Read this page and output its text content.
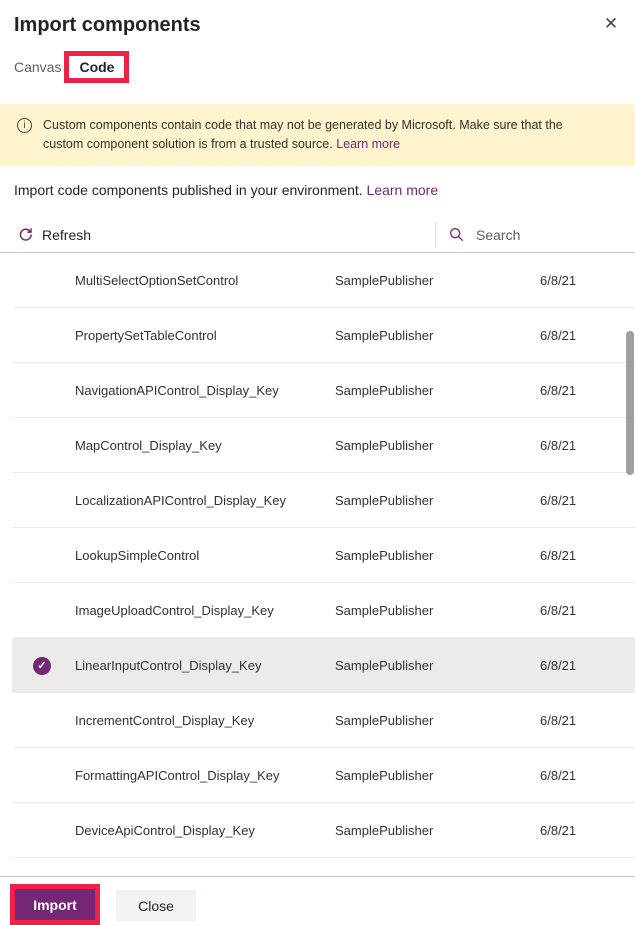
Import components	✕
Canvas	Code
i	Custom components contain code that may not be generated by Microsoft. Make sure that the custom component solution is from a trusted source. Learn more
Import code components published in your environment. Learn more
Refresh
Search
MultiSelectOptionSetControl	SamplePublisher	6/8/21
PropertySetTableControl	SamplePublisher	6/8/21
NavigationAPIControl_Display_Key	SamplePublisher	6/8/21
MapControl_Display_Key	SamplePublisher	6/8/21
LocalizationAPIControl_Display_Key	SamplePublisher	6/8/21
LookupSimpleControl	SamplePublisher	6/8/21
ImageUploadControl_Display_Key	SamplePublisher	6/8/21
✓	LinearInputControl_Display_Key	SamplePublisher	6/8/21
IncrementControl_Display_Key	SamplePublisher	6/8/21
FormattingAPIControl_Display_Key	SamplePublisher	6/8/21
DeviceApiControl_Display_Key	SamplePublisher	6/8/21
Import	Close
